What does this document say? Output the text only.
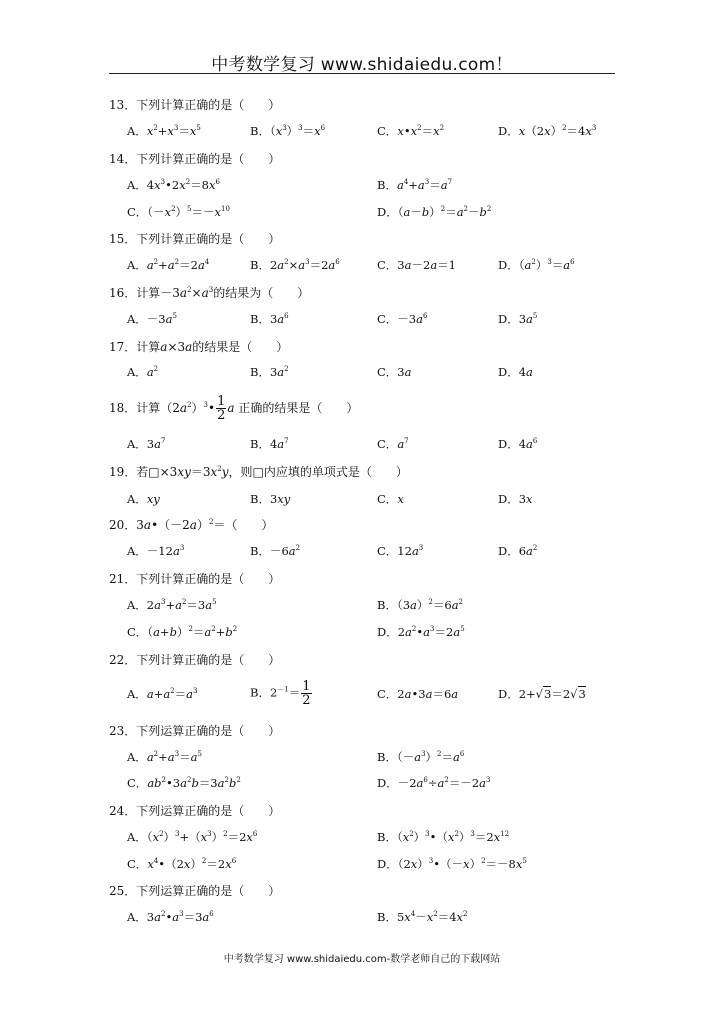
中考数学复习 www.shidaiedu.com！
13．下列计算正确的是（　　）
A．$x^2+x^3=x^5$	B．$(x^3)^3=x^6$	C．$x•x^2=x^2$	D．$x(2x)^2=4x^3$
14．下列计算正确的是（　　）
A．$4x^3•2x^2=8x^6$	B．$a^4+a^3=a^7$
C．$(-x^2)^5=-x^{10}$	D．$(a-b)^2=a^2-b^2$
15．下列计算正确的是（　　）
A．$a^2+a^2=2a^4$	B．$2a^2\times a^3=2a^6$	C．3a－2a＝1	D．$(a^2)^3=a^6$
16．计算$-3a^2\times a^3$的结果为（　　）
A．$-3a^5$	B．$3a^6$	C．$-3a^6$	D．$3a^5$
17．计算a×3a的结果是（　　）
A．$a^2$	B．$3a^2$	C．3a	D．4a
18．计算$(2a^2)^3• \frac{1}{2}$ a 正确的结果是（　　）
A．$3a^7$	B．$4a^7$	C．$a^7$	D．$4a^6$
19．若$□\times 3xy=3x^2y$，则□内应填的单项式是（　　）
A．xy	B．3xy	C．x	D．3x
20．$3a•(-2a)^2=$（　　）
A．$-12a^3$	B．$-6a^2$	C．$12a^3$	D．$6a^2$
21．下列计算正确的是（　　）
A．$2a^3+a^2=3a^5$	B．$(3a)^2=6a^2$
C．$(a+b)^2=a^2+b^2$	D．$2a^2•a^3=2a^5$
22．下列计算正确的是（　　）
A．$a+a^2=a^3$	B．$2^{-1}= \frac{1}{2}$	C．2a•3a＝6a	D．2+√3＝2√3
23．下列运算正确的是（　　）
A．$a^2+a^3=a^5$	B．$(-a^3)^2=a^6$
C．$ab^2•3a^2b=3a^2b^2$	D．$-2a^6\div a^2=-2a^3$
24．下列运算正确的是（　　）
A．$(x^2)^3+(x^3)^2=2x^6$	B．$(x^2)^3•(x^2)^3=2x^{12}$
C．$x^4•(2x)^2=2x^6$	D．$(2x)^3•(-x)^2=-8x^5$
25．下列运算正确的是（　　）
A．$3a^2•a^3=3a^6$	B．$5x^4-x^2=4x^2$
中考数学复习 www.shidaiedu.com-数学老师自己的下载网站
